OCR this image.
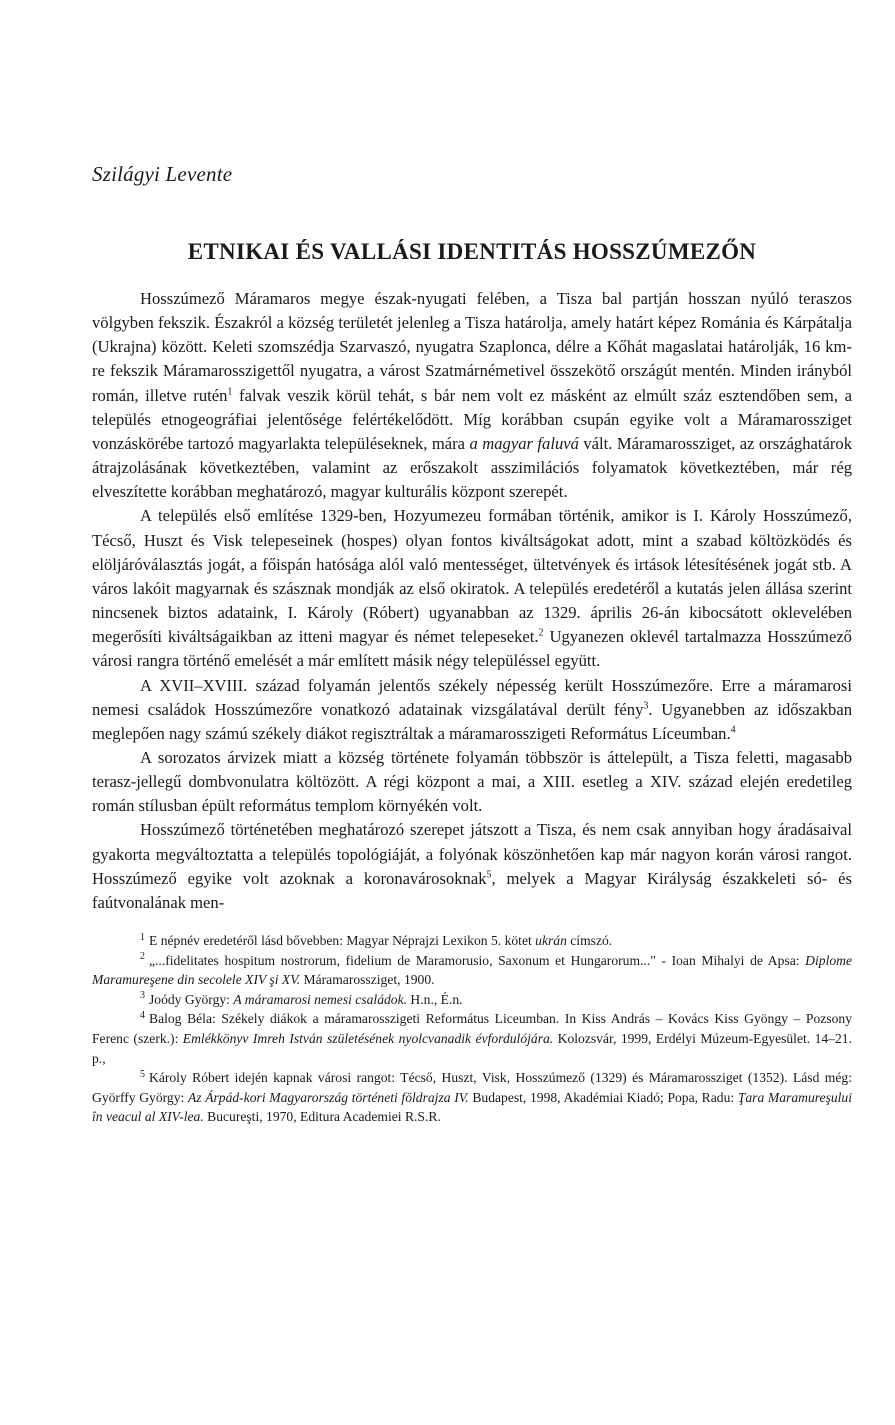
Szilágyi Levente
ETNIKAI ÉS VALLÁSI IDENTITÁS HOSSZÚMEZŐN

Hosszúmező Máramaros megye észak-nyugati felében, a Tisza bal partján hosszan nyúló teraszos völgyben fekszik. Északról a község területét jelenleg a Tisza határolja, amely határt képez Románia és Kárpátalja (Ukrajna) között. Keleti szomszédja Szarvaszó, nyugatra Szaplonca, délre a Kőhát magaslatai határolják, 16 km-re fekszik Máramarosszigettől nyugatra, a várost Szatmárnémetivel összekötő országút mentén. Minden irányból román, illetve rutén$^1$ falvak veszik körül tehát, s bár nem volt ez másként az elmúlt száz esztendőben sem, a település etnogeográfiai jelentősége felértékelődött. Míg korábban csupán egyike volt a Máramarossziget vonzáskörébe tartozó magyarlakta településeknek, mára a magyar faluvá vált. Máramarossziget, az országhatárok átrajzolásának következtében, valamint az erőszakolt asszimilációs folyamatok következtében, már rég elveszítette korábban meghatározó, magyar kulturális központ szerepét.

A település első említése 1329-ben, Hozyumezeu formában történik, amikor is I. Károly Hosszúmező, Técső, Huszt és Visk telepeseinek (hospes) olyan fontos kiváltságokat adott, mint a szabad költözködés és elöljáróválasztás jogát, a főispán hatósága alól való mentességet, ültetvények és irtások létesítésének jogát stb. A város lakóit magyarnak és szásznak mondják az első okiratok. A település eredetéről a kutatás jelen állása szerint nincsenek biztos adataink, I. Károly (Róbert) ugyanabban az 1329. április 26-án kibocsátott oklevelében megerősíti kiváltságaikban az itteni magyar és német telepeseket.$^2$ Ugyanezen oklevél tartalmazza Hosszúmező városi rangra történő emelését a már említett másik négy településsel együtt.

A XVII–XVIII. század folyamán jelentős székely népesség került Hosszúmezőre. Erre a máramarosi nemesi családok Hosszúmezőre vonatkozó adatainak vizsgálatával derült fény$^3$. Ugyanebben az időszakban meglepően nagy számú székely diákot regisztráltak a máramarosszigeti Református Líceumban.$^4$

A sorozatos árvizek miatt a község története folyamán többször is áttelepült, a Tisza feletti, magasabb terasz-jellegű dombvonulatra költözött. A régi központ a mai, a XIII. esetleg a XIV. század elején eredetileg román stílusban épült református templom környékén volt.

Hosszúmező történetében meghatározó szerepet játszott a Tisza, és nem csak annyiban hogy áradásaival gyakorta megváltoztatta a település topológiáját, a folyónak köszönhetően kap már nagyon korán városi rangot. Hosszúmező egyike volt azoknak a koronavárosoknak$^5$, melyek a Magyar Királyság északkeleti só- és faútvonalának men-

$^1$ E népnév eredetéről lásd bővebben: Magyar Néprajzi Lexikon 5. kötet ukrán címszó.

$^2$ „...fidelitates hospitum nostrorum, fidelium de Maramorusio, Saxonum et Hungarorum..." - Ioan Mihalyi de Apsa: Diplome Maramureşene din secolele XIV şi XV. Máramarossziget, 1900.

$^3$ Joódy György: A máramarosi nemesi családok. H.n., É.n.

$^4$ Balog Béla: Székely diákok a máramarosszigeti Református Liceumban. In Kiss András – Kovács Kiss Gyöngy – Pozsony Ferenc (szerk.): Emlékkönyv Imreh István születésének nyolcvanadik évfordulójára. Kolozsvár, 1999, Erdélyi Múzeum-Egyesület. 14–21. p.,

$^5$ Károly Róbert idején kapnak városi rangot: Técső, Huszt, Visk, Hosszúmező (1329) és Máramarossziget (1352). Lásd még: Györffy György: Az Árpád-kori Magyarország történeti földrajza IV. Budapest, 1998, Akadémiai Kiadó; Popa, Radu: Ţara Maramureşului în veacul al XIV-lea. Bucureşti, 1970, Editura Academiei R.S.R.
